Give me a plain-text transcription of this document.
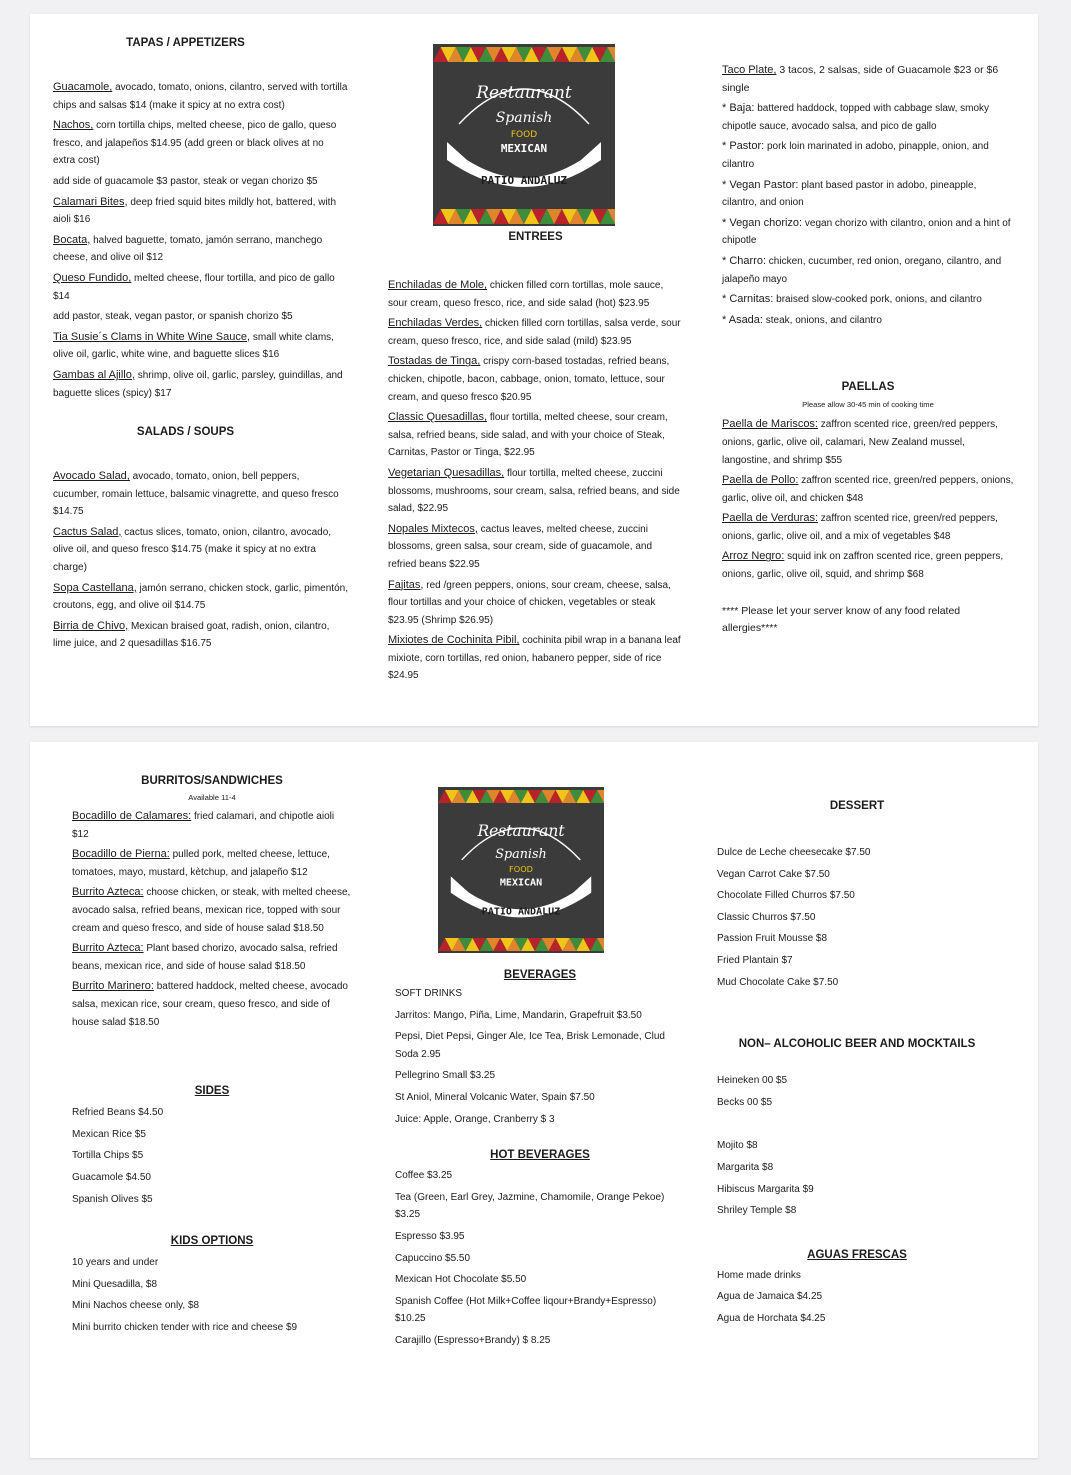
TAPAS / APPETIZERS
Guacamole, avocado, tomato, onions, cilantro, served with tortilla chips and salsas $14 (make it spicy at no extra cost)
Nachos, corn tortilla chips, melted cheese, pico de gallo, queso fresco, and jalapeños $14.95 (add green or black olives at no extra cost)
add side of guacamole $3 pastor, steak or vegan chorizo $5
Calamari Bites, deep fried squid bites mildly hot, battered, with aioli $16
Bocata, halved baguette, tomato, jamón serrano, manchego cheese, and olive oil $12
Queso Fundido, melted cheese, flour tortilla, and pico de gallo $14
add pastor, steak, vegan pastor, or spanish chorizo $5
Tia Susie´s Clams in White Wine Sauce, small white clams, olive oil, garlic, white wine, and baguette slices $16
Gambas al Ajillo, shrimp, olive oil, garlic, parsley, guindillas, and baguette slices (spicy) $17
SALADS / SOUPS
Avocado Salad, avocado, tomato, onion, bell peppers, cucumber, romain lettuce, balsamic vinagrette, and queso fresco $14.75
Cactus Salad, cactus slices, tomato, onion, cilantro, avocado, olive oil, and queso fresco $14.75 (make it spicy at no extra charge)
Sopa Castellana, jamón serrano, chicken stock, garlic, pimentón, croutons, egg, and olive oil $14.75
Birria de Chivo, Mexican braised goat, radish, onion, cilantro, lime juice, and 2 quesadillas $16.75
Restaurant
Spanish
FOOD
MEXICAN
PATIO ANDALUZ
ENTREES
Enchiladas de Mole, chicken filled corn tortillas, mole sauce, sour cream, queso fresco, rice, and side salad (hot) $23.95
Enchiladas Verdes, chicken filled corn tortillas, salsa verde, sour cream, queso fresco, rice, and side salad (mild) $23.95
Tostadas de Tinga, crispy corn-based tostadas, refried beans, chicken, chipotle, bacon, cabbage, onion, tomato, lettuce, sour cream, and queso fresco $20.95
Classic Quesadillas, flour tortilla, melted cheese, sour cream, salsa, refried beans, side salad, and with your choice of Steak, Carnitas, Pastor or Tinga, $22.95
Vegetarian Quesadillas, flour tortilla, melted cheese, zuccini blossoms, mushrooms, sour cream, salsa, refried beans, and side salad, $22.95
Nopales Mixtecos, cactus leaves, melted cheese, zuccini blossoms, green salsa, sour cream, side of guacamole, and refried beans $22.95
Fajitas, red /green peppers, onions, sour cream, cheese, salsa, flour tortillas and your choice of chicken, vegetables or steak $23.95 (Shrimp $26.95)
Mixiotes de Cochinita Pibil, cochinita pibil wrap in a banana leaf mixiote, corn tortillas, red onion, habanero pepper, side of rice $24.95
Taco Plate, 3 tacos, 2 salsas, side of Guacamole $23 or $6 single
* Baja: battered haddock, topped with cabbage slaw, smoky chipotle sauce, avocado salsa, and pico de gallo
* Pastor: pork loin marinated in adobo, pinapple, onion, and cilantro
* Vegan Pastor: plant based pastor in adobo, pineapple, cilantro, and onion
* Vegan chorizo: vegan chorizo with cilantro, onion and a hint of chipotle
* Charro: chicken, cucumber, red onion, oregano, cilantro, and jalapeño mayo
* Carnitas: braised slow-cooked pork, onions, and cilantro
* Asada: steak, onions, and cilantro
PAELLAS
Please allow 30-45 min of cooking time
Paella de Mariscos: zaffron scented rice, green/red peppers, onions, garlic, olive oil, calamari, New Zealand mussel, langostine, and shrimp $55
Paella de Pollo: zaffron scented rice, green/red peppers, onions, garlic, olive oil, and chicken $48
Paella de Verduras: zaffron scented rice, green/red peppers, onions, garlic, olive oil, and a mix of vegetables $48
Arroz Negro: squid ink on zaffron scented rice, green peppers, onions, garlic, olive oil, squid, and shrimp $68
**** Please let your server know of any food related allergies****
BURRITOS/SANDWICHES
Available 11-4
Bocadillo de Calamares: fried calamari, and chipotle aioli $12
Bocadillo de Pierna: pulled pork, melted cheese, lettuce, tomatoes, mayo, mustard, kètchup, and jalapeño $12
Burrito Azteca: choose chicken, or steak, with melted cheese, avocado salsa, refried beans, mexican rice, topped with sour cream and queso fresco, and side of house salad $18.50
Burrito Azteca: Plant based chorizo, avocado salsa, refried beans, mexican rice, and side of house salad $18.50
Burrito Marinero: battered haddock, melted cheese, avocado salsa, mexican rice, sour cream, queso fresco, and side of house salad $18.50
SIDES
Refried Beans $4.50
Mexican Rice $5
Tortilla Chips $5
Guacamole $4.50
Spanish Olives $5
KIDS OPTIONS
10 years and under
Mini Quesadilla, $8
Mini Nachos cheese only, $8
Mini burrito chicken tender with rice and cheese $9
Restaurant
Spanish
FOOD
MEXICAN
PATIO ANDALUZ
BEVERAGES
SOFT DRINKS
Jarritos: Mango, Piña, Lime, Mandarin, Grapefruit $3.50
Pepsi, Diet Pepsi, Ginger Ale, Ice Tea, Brisk Lemonade, Clud Soda 2.95
Pellegrino Small $3.25
St Aniol, Mineral Volcanic Water, Spain $7.50
Juice: Apple, Orange, Cranberry $ 3
HOT BEVERAGES
Coffee $3.25
Tea (Green, Earl Grey, Jazmine, Chamomile, Orange Pekoe) $3.25
Espresso $3.95
Capuccino $5.50
Mexican Hot Chocolate $5.50
Spanish Coffee (Hot Milk+Coffee liqour+Brandy+Espresso) $10.25
Carajillo (Espresso+Brandy) $ 8.25
DESSERT
Dulce de Leche cheesecake $7.50
Vegan Carrot Cake $7.50
Chocolate Filled Churros $7.50
Classic Churros $7.50
Passion Fruit Mousse $8
Fried Plantain $7
Mud Chocolate Cake $7.50
NON– ALCOHOLIC BEER AND MOCKTAILS
Heineken 00 $5
Becks 00 $5
Mojito $8
Margarita $8
Hibiscus Margarita $9
Shriley Temple $8
AGUAS FRESCAS
Home made drinks
Agua de Jamaica $4.25
Agua de Horchata $4.25
